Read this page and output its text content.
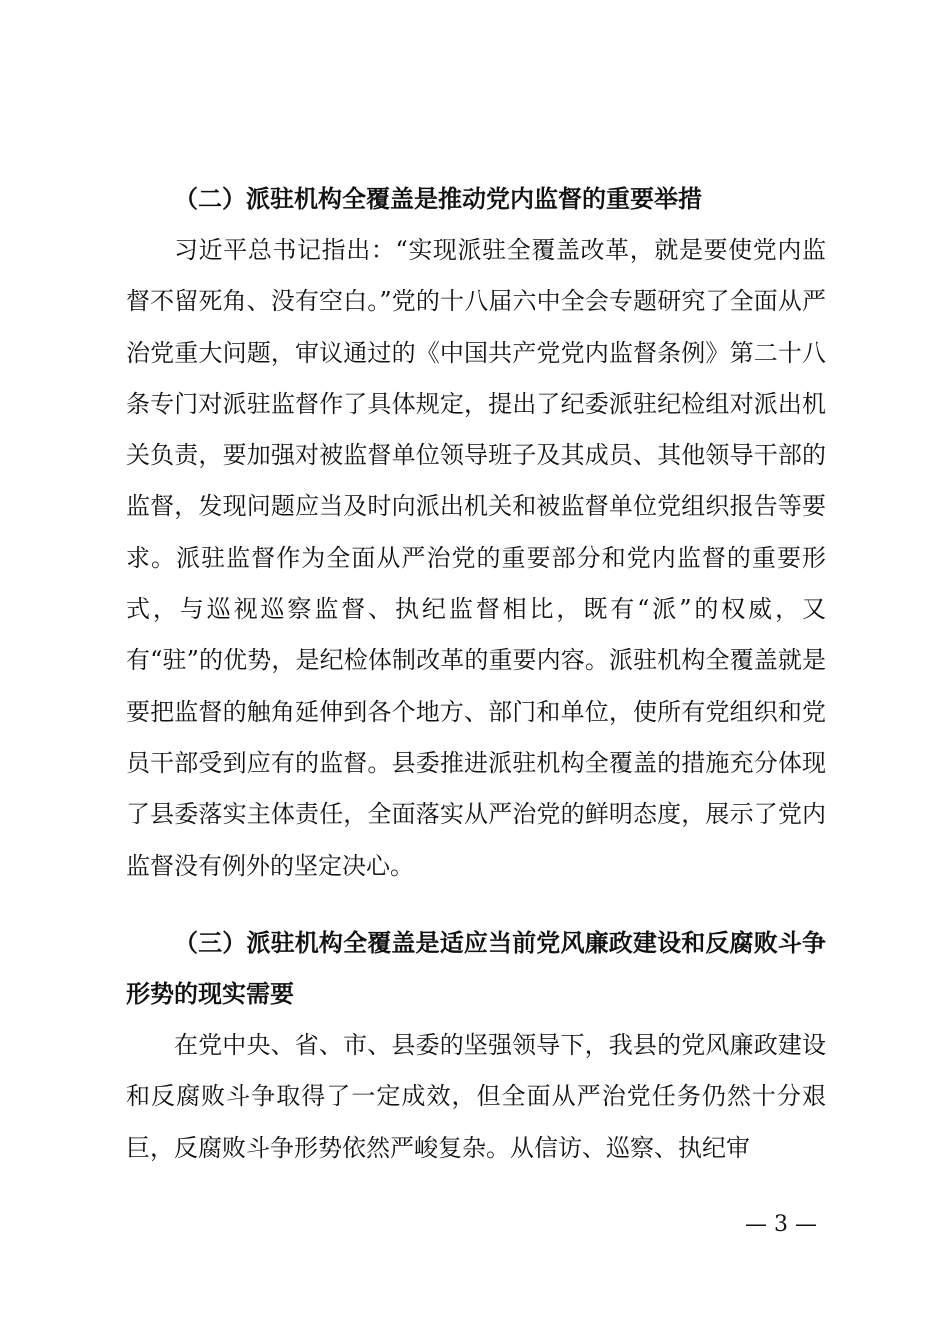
（二）派驻机构全覆盖是推动党内监督的重要举措

习近平总书记指出：“实现派驻全覆盖改革，就是要使党内监督不留死角、没有空白。”党的十八届六中全会专题研究了全面从严治党重大问题，审议通过的《中国共产党党内监督条例》第二十八条专门对派驻监督作了具体规定，提出了纪委派驻纪检组对派出机关负责，要加强对被监督单位领导班子及其成员、其他领导干部的监督，发现问题应当及时向派出机关和被监督单位党组织报告等要求。派驻监督作为全面从严治党的重要部分和党内监督的重要形式，与巡视巡察监督、执纪监督相比，既有“派”的权威，又有“驻”的优势，是纪检体制改革的重要内容。派驻机构全覆盖就是要把监督的触角延伸到各个地方、部门和单位，使所有党组织和党员干部受到应有的监督。县委推进派驻机构全覆盖的措施充分体现了县委落实主体责任，全面落实从严治党的鲜明态度，展示了党内监督没有例外的坚定决心。

（三）派驻机构全覆盖是适应当前党风廉政建设和反腐败斗争形势的现实需要

在党中央、省、市、县委的坚强领导下，我县的党风廉政建设和反腐败斗争取得了一定成效，但全面从严治党任务仍然十分艰巨，反腐败斗争形势依然严峻复杂。从信访、巡察、执纪审

— 3 —
